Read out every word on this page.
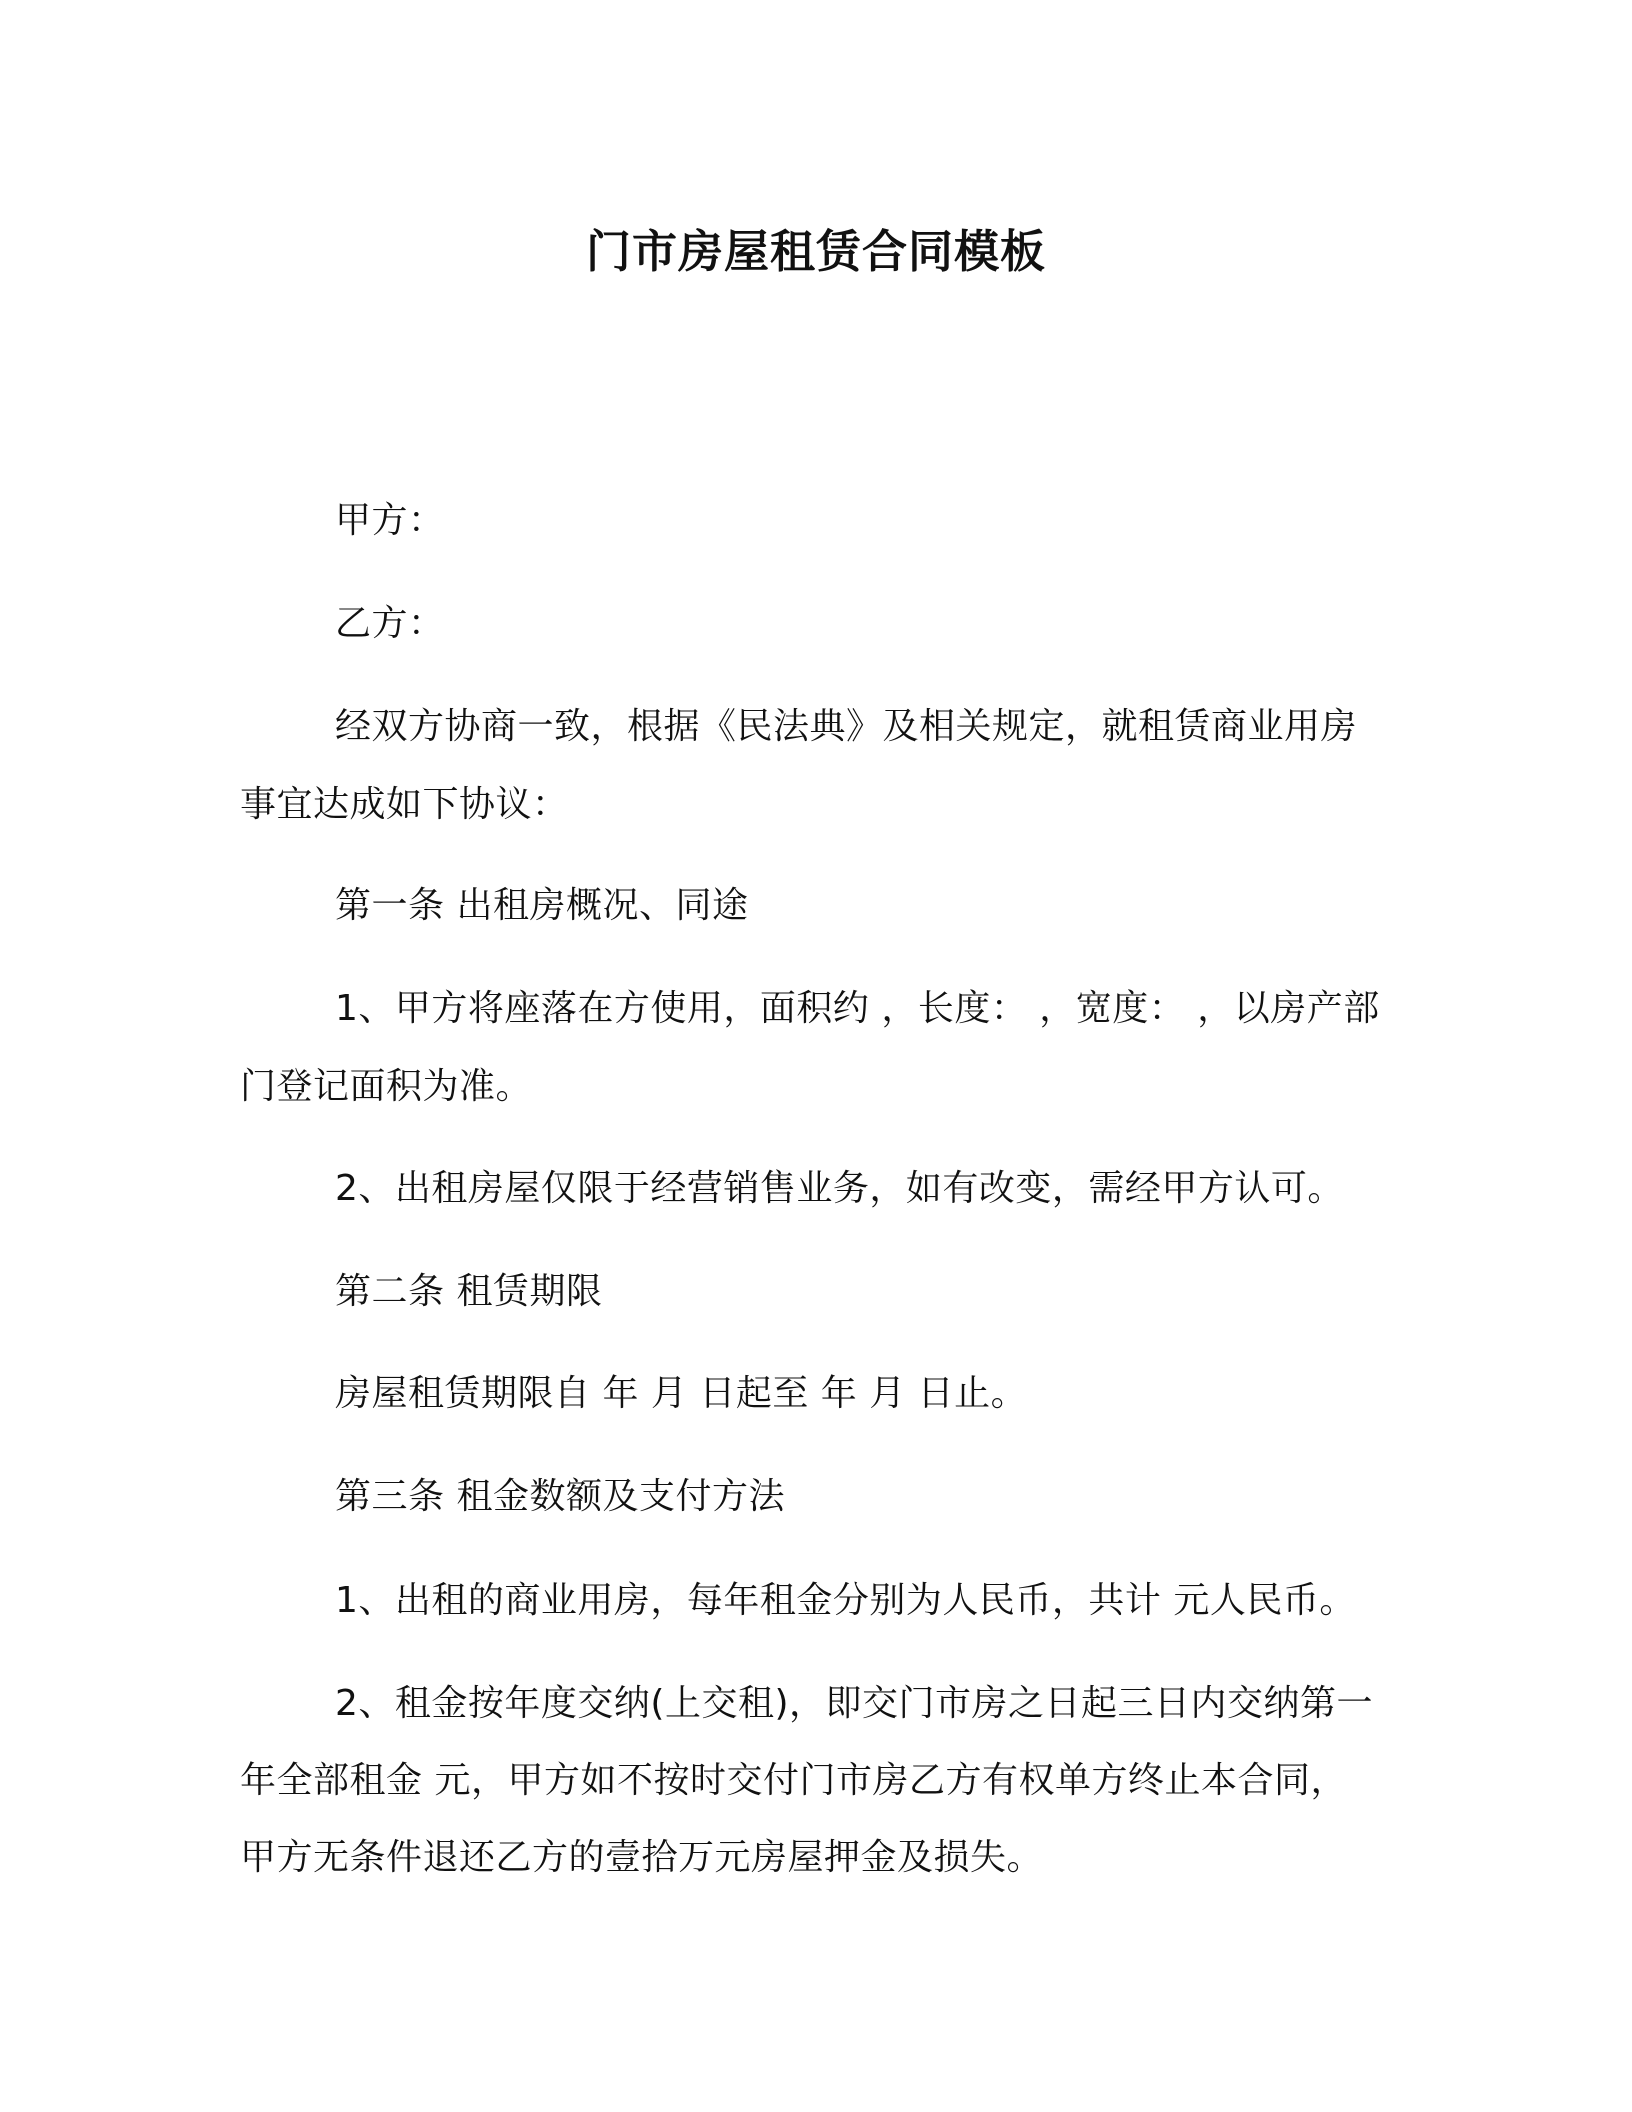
门市房屋租赁合同模板
甲方：
乙方：
经双方协商一致，根据《民法典》及相关规定，就租赁商业用房
事宜达成如下协议：
第一条 出租房概况、同途
1、甲方将座落在方使用，面积约 ，长度： ，宽度： ，以房产部
门登记面积为准。
2、出租房屋仅限于经营销售业务，如有改变，需经甲方认可。
第二条 租赁期限
房屋租赁期限自 年 月 日起至 年 月 日止。
第三条 租金数额及支付方法
1、出租的商业用房，每年租金分别为人民币，共计 元人民币。
2、租金按年度交纳(上交租)，即交门市房之日起三日内交纳第一
年全部租金 元，甲方如不按时交付门市房乙方有权单方终止本合同，
甲方无条件退还乙方的壹拾万元房屋押金及损失。
